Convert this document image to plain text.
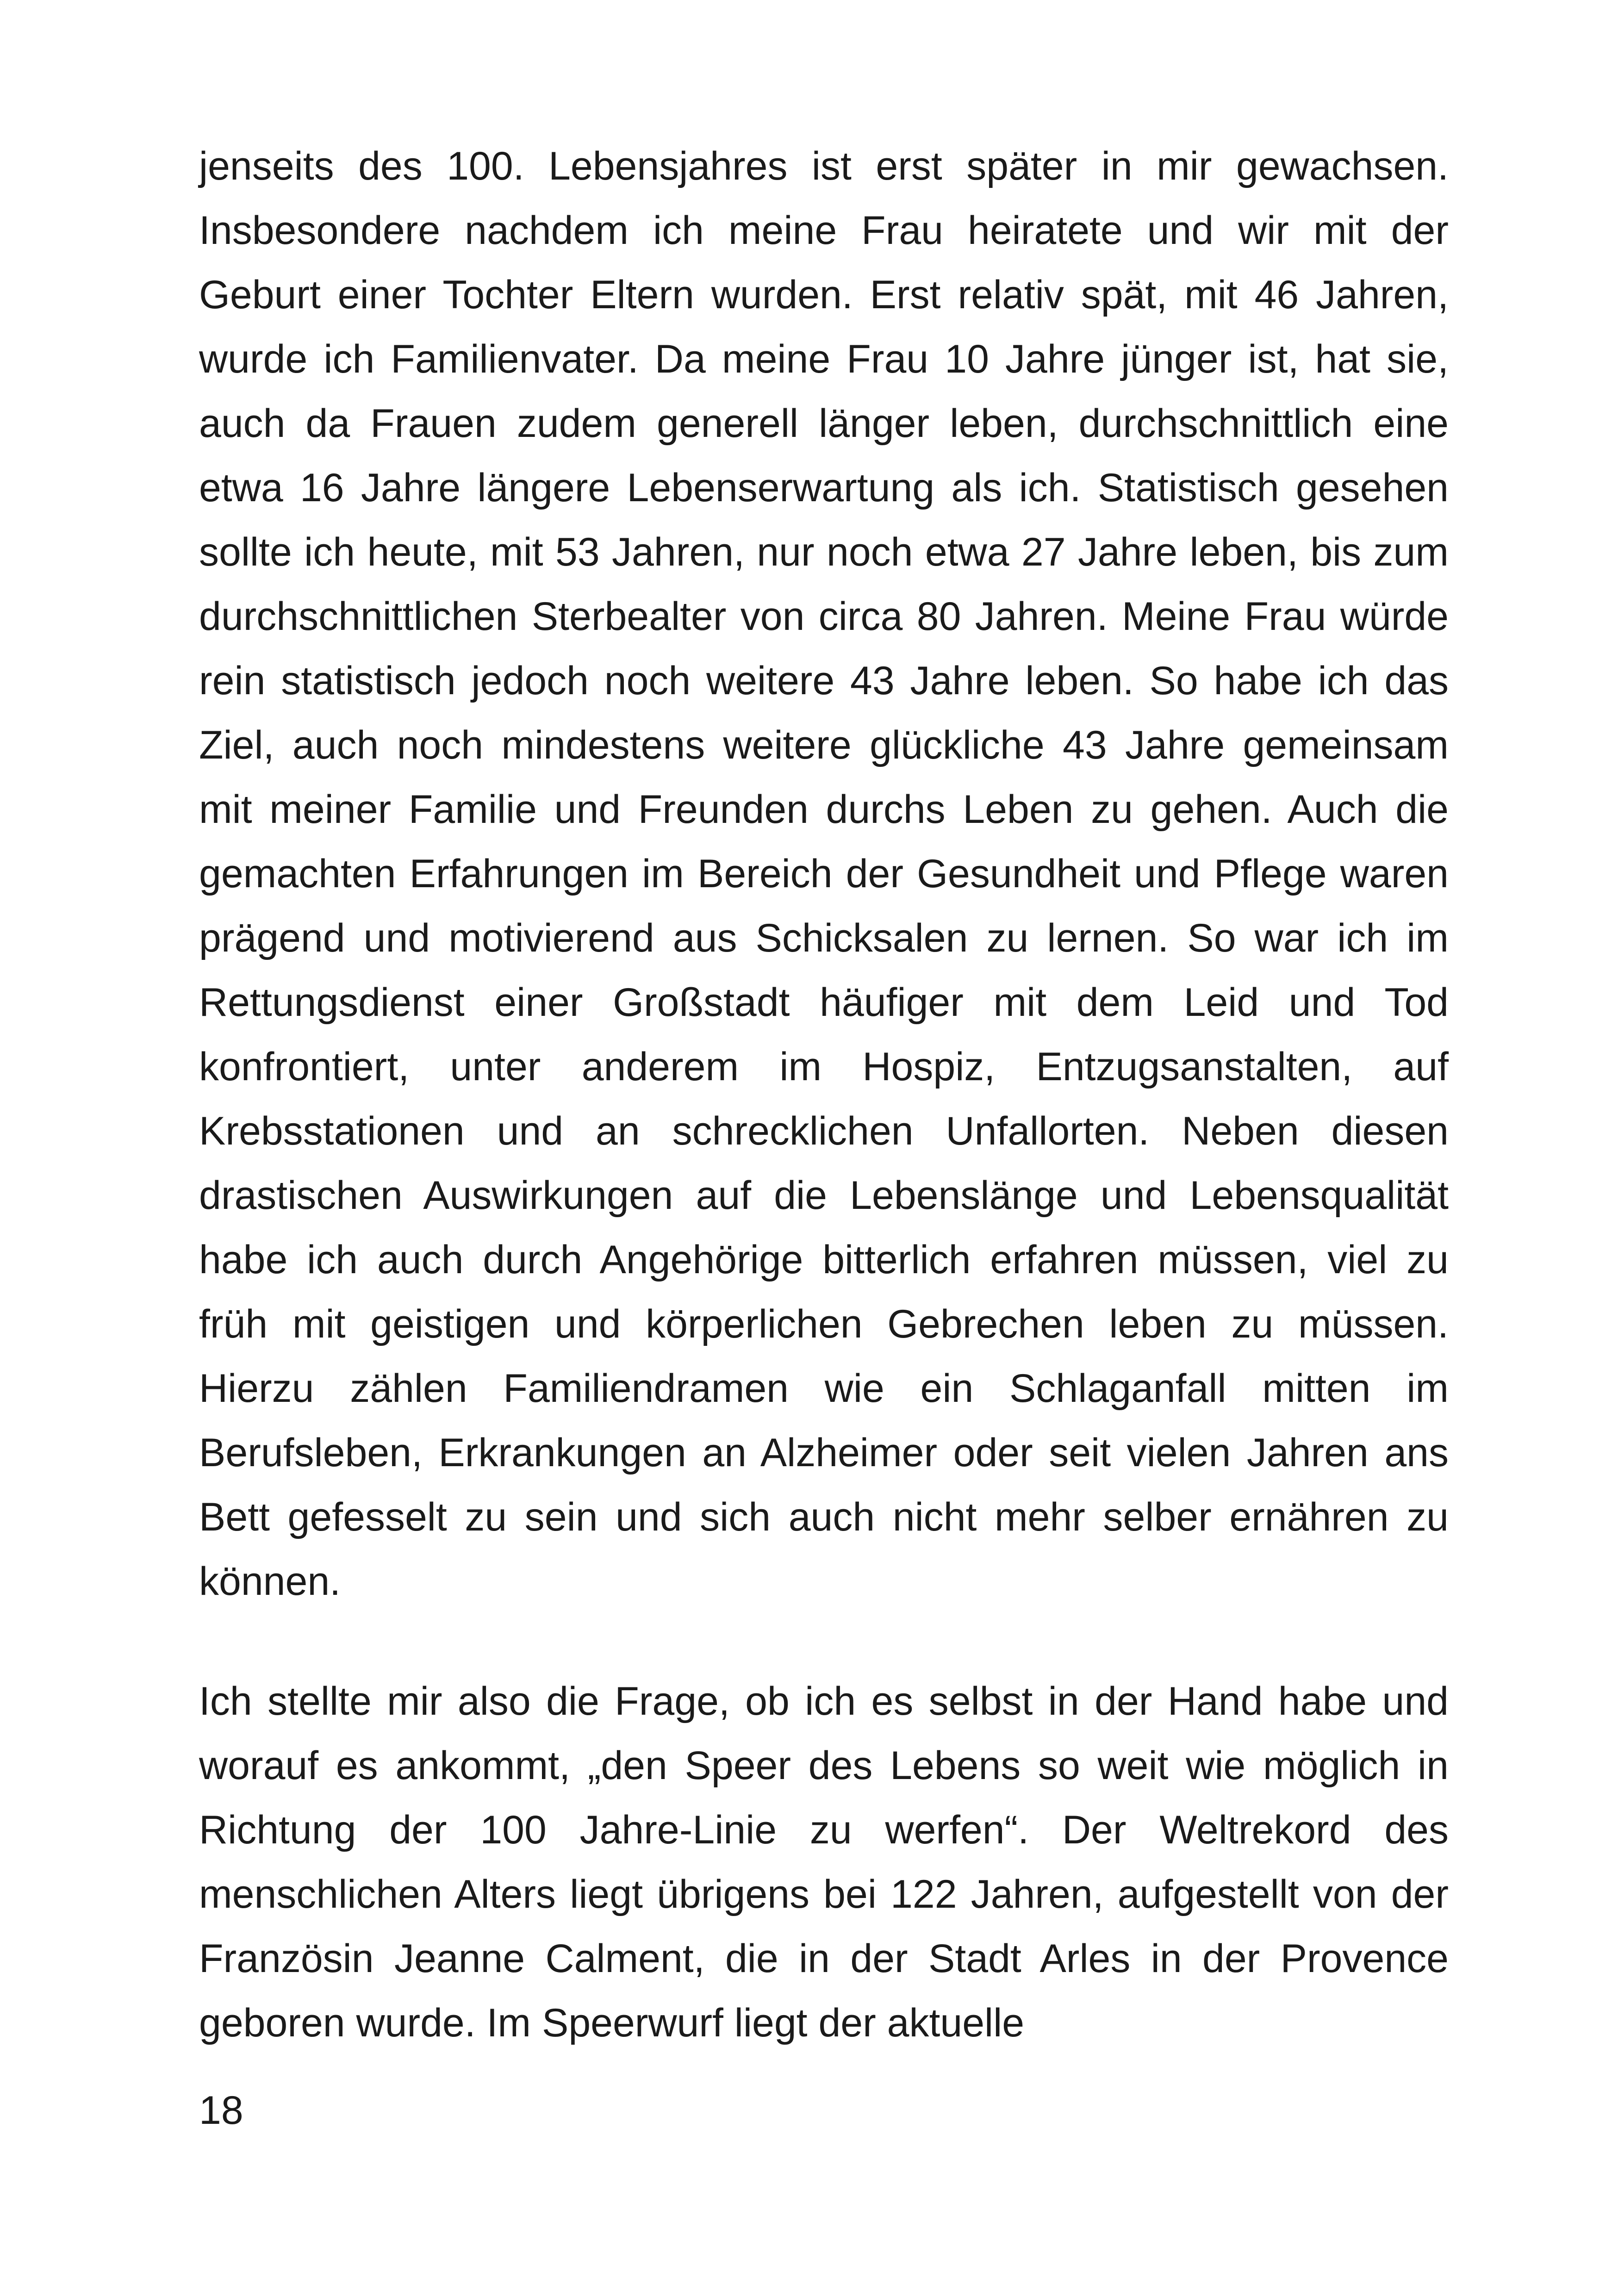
jenseits des 100. Lebensjahres ist erst später in mir gewachsen. Insbesondere nachdem ich meine Frau heiratete und wir mit der Geburt einer Tochter Eltern wurden. Erst relativ spät, mit 46 Jahren, wurde ich Familienvater. Da meine Frau 10 Jahre jünger ist, hat sie, auch da Frauen zudem generell länger leben, durchschnittlich eine etwa 16 Jahre längere Lebenserwartung als ich. Statistisch gesehen sollte ich heute, mit 53 Jahren, nur noch etwa 27 Jahre leben, bis zum durchschnittlichen Sterbealter von circa 80 Jahren. Meine Frau würde rein statistisch jedoch noch weitere 43 Jahre leben. So habe ich das Ziel, auch noch mindestens weitere glückliche 43 Jahre gemeinsam mit meiner Familie und Freunden durchs Leben zu gehen. Auch die gemachten Erfahrungen im Bereich der Gesundheit und Pflege waren prägend und motivierend aus Schicksalen zu lernen. So war ich im Rettungsdienst einer Großstadt häufiger mit dem Leid und Tod konfrontiert, unter anderem im Hospiz, Entzugsanstalten, auf Krebsstationen und an schrecklichen Unfallorten. Neben diesen drastischen Auswirkungen auf die Lebenslänge und Lebensqualität habe ich auch durch Angehörige bitterlich erfahren müssen, viel zu früh mit geistigen und körperlichen Gebrechen leben zu müssen. Hierzu zählen Familiendramen wie ein Schlaganfall mitten im Berufsleben, Erkrankungen an Alzheimer oder seit vielen Jahren ans Bett gefesselt zu sein und sich auch nicht mehr selber ernähren zu können.

Ich stellte mir also die Frage, ob ich es selbst in der Hand habe und worauf es ankommt, „den Speer des Lebens so weit wie möglich in Richtung der 100 Jahre-Linie zu werfen“. Der Weltrekord des menschlichen Alters liegt übrigens bei 122 Jahren, aufgestellt von der Französin Jeanne Calment, die in der Stadt Arles in der Provence geboren wurde. Im Speerwurf liegt der aktuelle

18
